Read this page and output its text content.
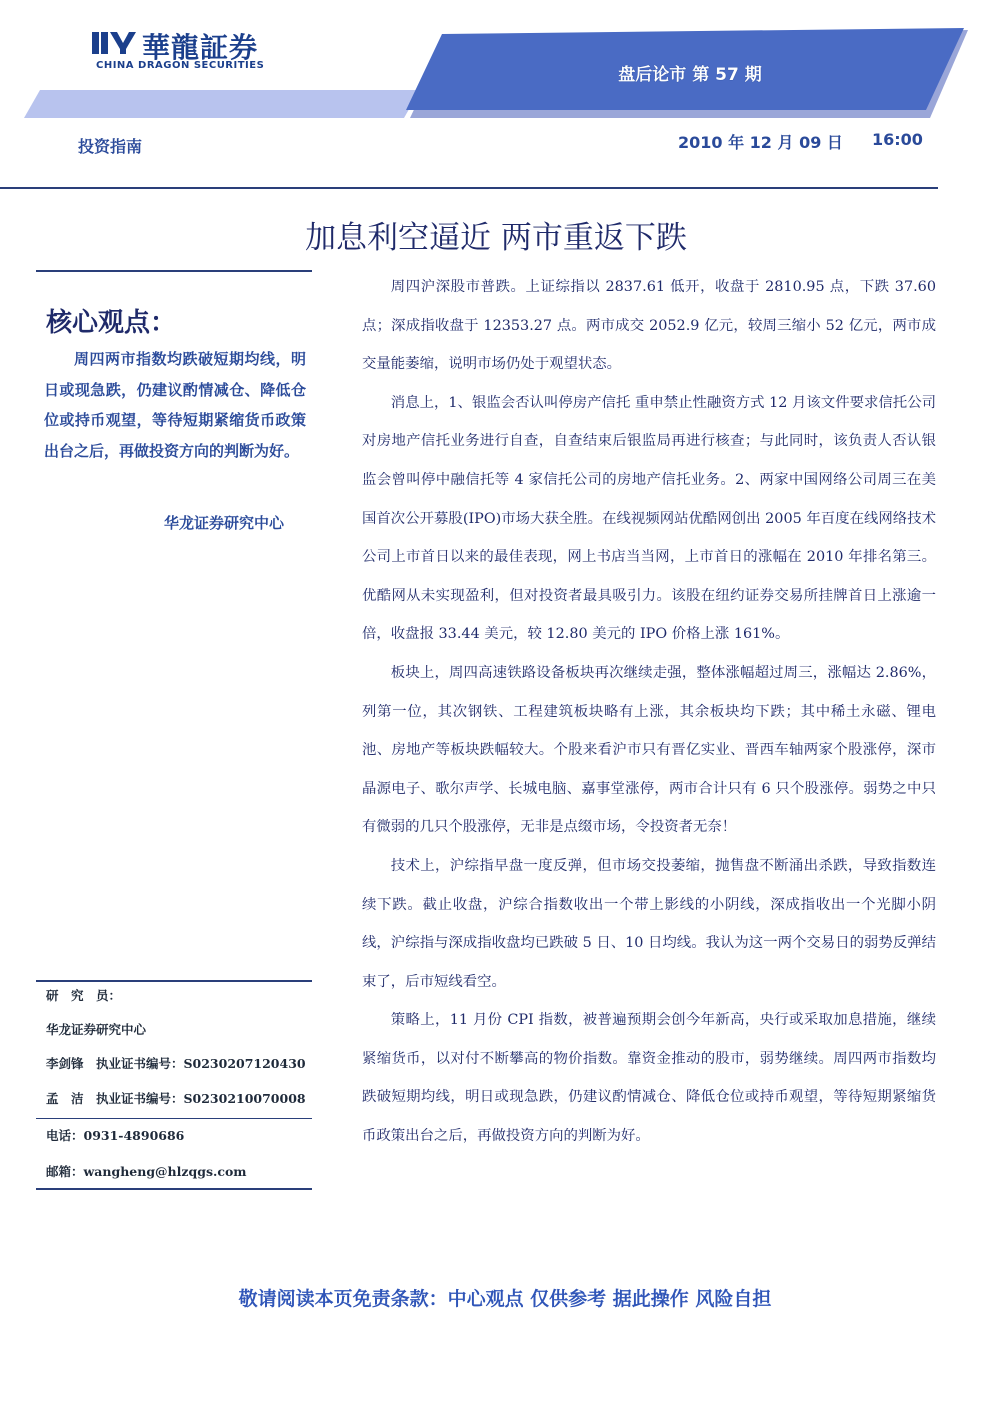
華龍証券
CHINA DRAGON SECURITIES	盘后论市 第 57 期
投资指南	2010 年 12 月 09 日 16:00
加息利空逼近 两市重返下跌
核心观点：
周四两市指数均跌破短期均线，明日或现急跌，仍建议酌情减仓、降低仓位或持币观望，等待短期紧缩货币政策出台之后，再做投资方向的判断为好。
华龙证券研究中心
研　究　员：
华龙证券研究中心
李剑锋　执业证书编号：S0230207120430
孟　洁　执业证书编号：S0230210070008
电话：0931-4890686
邮箱：wangheng@hlzqgs.com

周四沪深股市普跌。上证综指以 2837.61 低开，收盘于 2810.95 点，下跌 37.60 点；深成指收盘于 12353.27 点。两市成交 2052.9 亿元，较周三缩小 52 亿元，两市成交量能萎缩，说明市场仍处于观望状态。

消息上，1、银监会否认叫停房产信托 重申禁止性融资方式 12 月该文件要求信托公司对房地产信托业务进行自查，自查结束后银监局再进行核查；与此同时，该负责人否认银监会曾叫停中融信托等 4 家信托公司的房地产信托业务。2、两家中国网络公司周三在美国首次公开募股(IPO)市场大获全胜。在线视频网站优酷网创出 2005 年百度在线网络技术公司上市首日以来的最佳表现，网上书店当当网，上市首日的涨幅在 2010 年排名第三。优酷网从未实现盈利，但对投资者最具吸引力。该股在纽约证券交易所挂牌首日上涨逾一倍，收盘报 33.44 美元，较 12.80 美元的 IPO 价格上涨 161%。

板块上，周四高速铁路设备板块再次继续走强，整体涨幅超过周三，涨幅达 2.86%，列第一位，其次钢铁、工程建筑板块略有上涨，其余板块均下跌；其中稀土永磁、锂电池、房地产等板块跌幅较大。个股来看沪市只有晋亿实业、晋西车轴两家个股涨停，深市晶源电子、歌尔声学、长城电脑、嘉事堂涨停，两市合计只有 6 只个股涨停。弱势之中只有微弱的几只个股涨停，无非是点缀市场，令投资者无奈！

技术上，沪综指早盘一度反弹，但市场交投萎缩，抛售盘不断涌出杀跌，导致指数连续下跌。截止收盘，沪综合指数收出一个带上影线的小阴线，深成指收出一个光脚小阴线，沪综指与深成指收盘均已跌破 5 日、10 日均线。我认为这一两个交易日的弱势反弹结束了，后市短线看空。

策略上，11 月份 CPI 指数，被普遍预期会创今年新高，央行或采取加息措施，继续紧缩货币，以对付不断攀高的物价指数。靠资金推动的股市，弱势继续。周四两市指数均跌破短期均线，明日或现急跌，仍建议酌情减仓、降低仓位或持币观望，等待短期紧缩货币政策出台之后，再做投资方向的判断为好。

敬请阅读本页免责条款：中心观点 仅供参考 据此操作 风险自担
